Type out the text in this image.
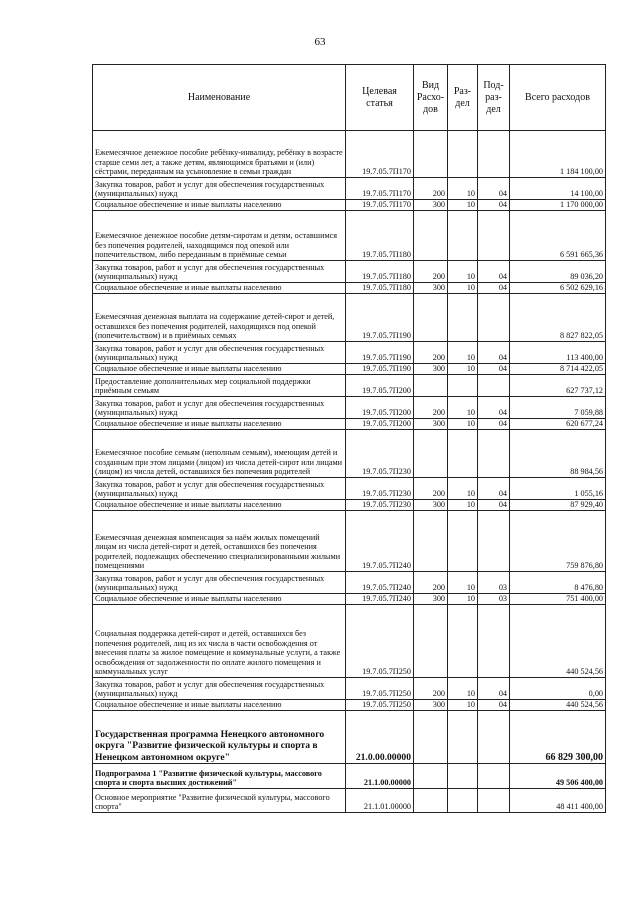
63
Наименование	Целевая статья	Вид Расхо-дов	Раз-дел	Под-раз-дел	Всего расходов
Ежемесячное денежное пособие ребёнку-инвалиду, ребёнку в возрасте старше семи лет, а также детям, являющимся братьями и (или) сёстрами, переданным на усыновление в семьи граждан	19.7.05.7П170				1 184 100,00
Закупка товаров, работ и услуг для обеспечения государственных (муниципальных) нужд	19.7.05.7П170	200	10	04	14 100,00
Социальное обеспечение и иные выплаты населению	19.7.05.7П170	300	10	04	1 170 000,00
Ежемесячное денежное пособие детям-сиротам и детям, оставшимся без попечения родителей, находящимся под опекой или попечительством, либо переданным в приёмные семьи	19.7.05.7П180				6 591 665,36
Закупка товаров, работ и услуг для обеспечения государственных (муниципальных) нужд	19.7.05.7П180	200	10	04	89 036,20
Социальное обеспечение и иные выплаты населению	19.7.05.7П180	300	10	04	6 502 629,16
Ежемесячная денежная выплата на содержание детей-сирот и детей, оставшихся без попечения родителей, находящихся под опекой (попечительством) и в приёмных семьях	19.7.05.7П190				8 827 822,05
Закупка товаров, работ и услуг для обеспечения государственных (муниципальных) нужд	19.7.05.7П190	200	10	04	113 400,00
Социальное обеспечение и иные выплаты населению	19.7.05.7П190	300	10	04	8 714 422,05
Предоставление дополнительных мер социальной поддержки приёмным семьям	19.7.05.7П200				627 737,12
Закупка товаров, работ и услуг для обеспечения государственных (муниципальных) нужд	19.7.05.7П200	200	10	04	7 059,88
Социальное обеспечение и иные выплаты населению	19.7.05.7П200	300	10	04	620 677,24
Ежемесячное пособие семьям (неполным семьям), имеющим детей и созданным при этом лицами (лицом) из числа детей-сирот или лицами (лицом) из числа детей, оставшихся без попечения родителей	19.7.05.7П230				88 984,56
Закупка товаров, работ и услуг для обеспечения государственных (муниципальных) нужд	19.7.05.7П230	200	10	04	1 055,16
Социальное обеспечение и иные выплаты населению	19.7.05.7П230	300	10	04	87 929,40
Ежемесячная денежная компенсация за наём жилых помещений лицам из числа детей-сирот и детей, оставшихся без попечения родителей, подлежащих обеспечению специализированными жилыми помещениями	19.7.05.7П240				759 876,80
Закупка товаров, работ и услуг для обеспечения государственных (муниципальных) нужд	19.7.05.7П240	200	10	03	8 476,80
Социальное обеспечение и иные выплаты населению	19.7.05.7П240	300	10	03	751 400,00
Социальная поддержка детей-сирот и детей, оставшихся без попечения родителей, лиц из их числа в части освобождения от внесения платы за жилое помещение и коммунальные услуги, а также освобождения от задолженности по оплате жилого помещения и коммунальных услуг	19.7.05.7П250				440 524,56
Закупка товаров, работ и услуг для обеспечения государственных (муниципальных) нужд	19.7.05.7П250	200	10	04	0,00
Социальное обеспечение и иные выплаты населению	19.7.05.7П250	300	10	04	440 524,56
Государственная программа Ненецкого автономного округа "Развитие физической культуры и спорта в Ненецком автономном округе"	21.0.00.00000				66 829 300,00
Подпрограмма 1 "Развитие физической культуры, массового спорта и спорта высших достижений"	21.1.00.00000				49 506 400,00
Основное мероприятие "Развитие физической культуры, массового спорта"	21.1.01.00000				48 411 400,00
